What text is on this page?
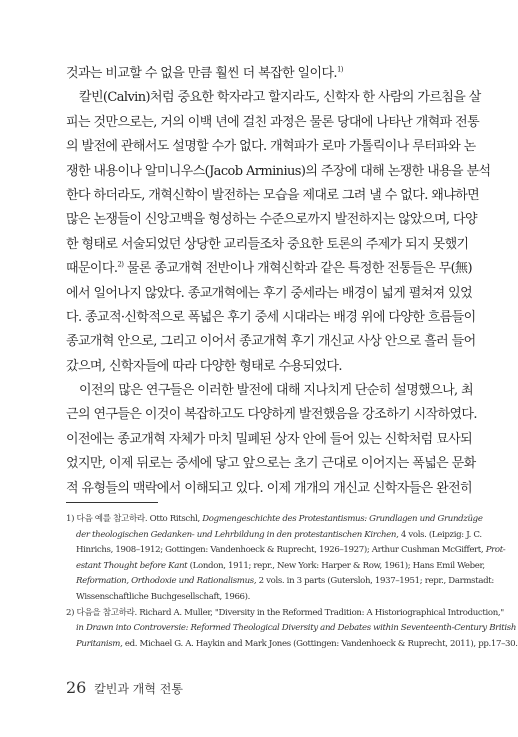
것과는 비교할 수 없을 만큼 훨씬 더 복잡한 일이다.$^{1)}$
칼빈(Calvin)처럼 중요한 학자라고 할지라도, 신학자 한 사람의 가르침을 살
피는 것만으로는, 거의 이백 년에 걸친 과정은 물론 당대에 나타난 개혁파 전통
의 발전에 관해서도 설명할 수가 없다. 개혁파가 로마 가톨릭이나 루터파와 논
쟁한 내용이나 알미니우스(Jacob Arminius)의 주장에 대해 논쟁한 내용을 분석
한다 하더라도, 개혁신학이 발전하는 모습을 제대로 그려 낼 수 없다. 왜냐하면
많은 논쟁들이 신앙고백을 형성하는 수준으로까지 발전하지는 않았으며, 다양
한 형태로 서술되었던 상당한 교리들조차 중요한 토론의 주제가 되지 못했기
때문이다.$^{2)}$ 물론 종교개혁 전반이나 개혁신학과 같은 특정한 전통들은 무(無)
에서 일어나지 않았다. 종교개혁에는 후기 중세라는 배경이 넓게 펼쳐져 있었
다. 종교적·신학적으로 폭넓은 후기 중세 시대라는 배경 위에 다양한 흐름들이
종교개혁 안으로, 그리고 이어서 종교개혁 후기 개신교 사상 안으로 흘러 들어
갔으며, 신학자들에 따라 다양한 형태로 수용되었다.
이전의 많은 연구들은 이러한 발전에 대해 지나치게 단순히 설명했으나, 최
근의 연구들은 이것이 복잡하고도 다양하게 발전했음을 강조하기 시작하였다.
이전에는 종교개혁 자체가 마치 밀폐된 상자 안에 들어 있는 신학처럼 묘사되
었지만, 이제 뒤로는 중세에 닿고 앞으로는 초기 근대로 이어지는 폭넓은 문화
적 유형들의 맥락에서 이해되고 있다. 이제 개개의 개신교 신학자들은 완전히
1) 다음 예를 참고하라. Otto Ritschl, Dogmengeschichte des Protestantismus: Grundlagen und Grundzüge
der theologischen Gedanken- und Lehrbildung in den protestantischen Kirchen, 4 vols. (Leipzig: J. C.
Hinrichs, 1908–1912; Gottingen: Vandenhoeck & Ruprecht, 1926–1927); Arthur Cushman McGiffert, Prot-
estant Thought before Kant (London, 1911; repr., New York: Harper & Row, 1961); Hans Emil Weber,
Reformation, Orthodoxie und Rationalismus, 2 vols. in 3 parts (Gutersloh, 1937–1951; repr., Darmstadt:
Wissenschaftliche Buchgesellschaft, 1966).
2) 다음을 참고하라. Richard A. Muller, "Diversity in the Reformed Tradition: A Historiographical Introduction,"
in Drawn into Controversie: Reformed Theological Diversity and Debates within Seventeenth-Century British
Puritanism, ed. Michael G. A. Haykin and Mark Jones (Gottingen: Vandenhoeck & Ruprecht, 2011), pp.17–30.
26 칼빈과 개혁 전통
